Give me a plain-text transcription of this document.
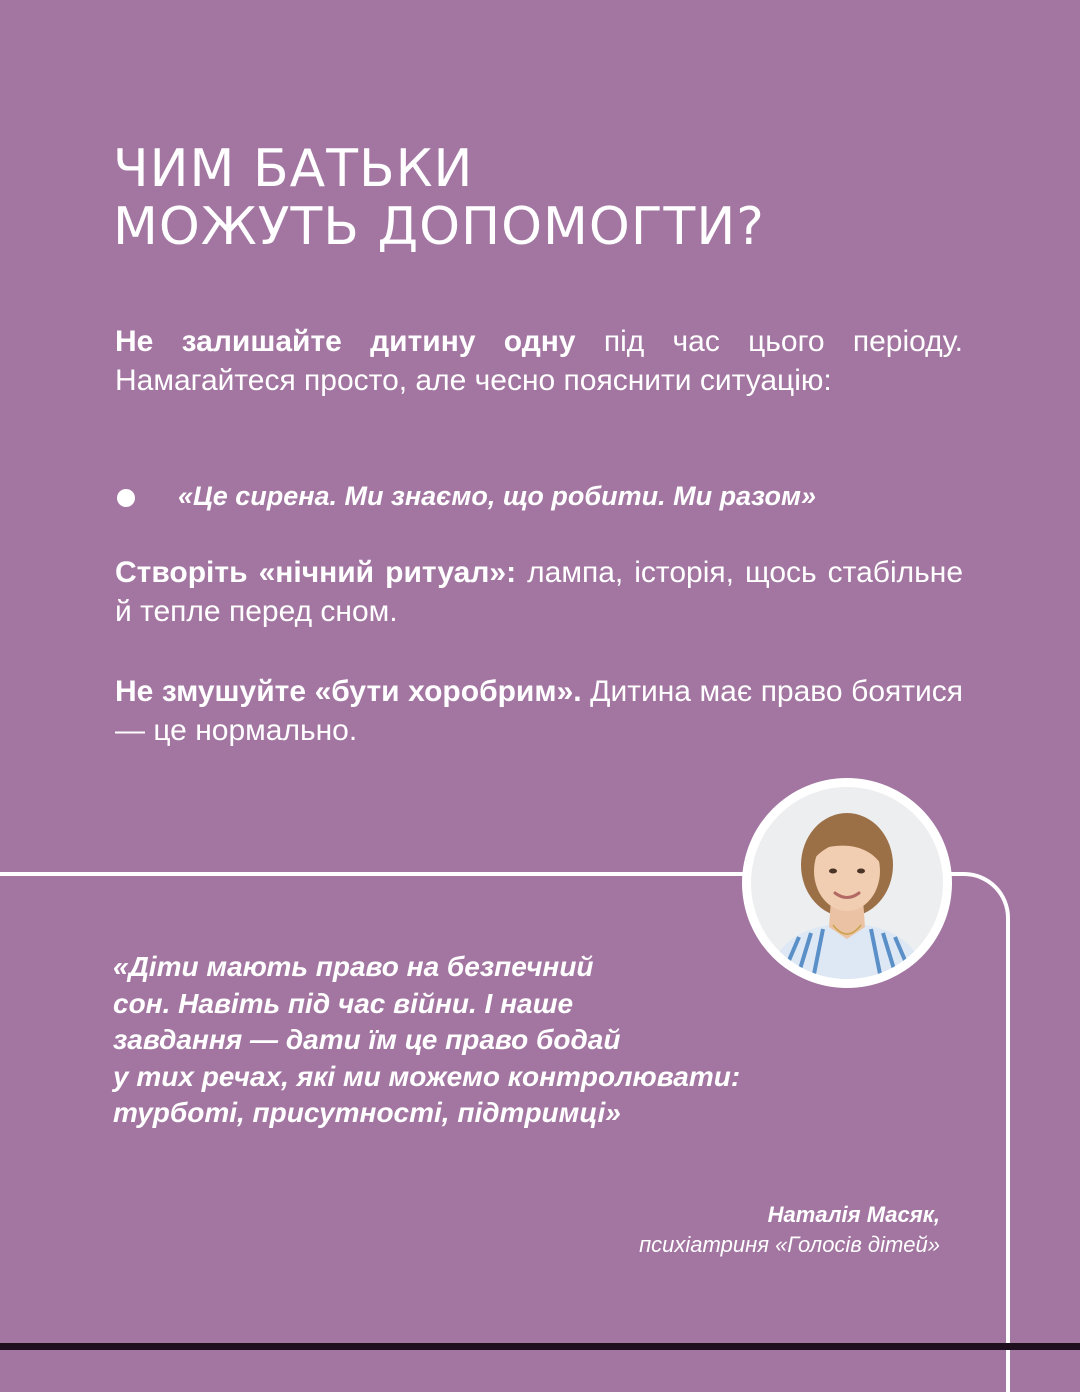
ЧИМ БАТЬКИ
МОЖУТЬ ДОПОМОГТИ?

Не залишайте дитину одну під час цього періоду. Намагайтеся просто, але чесно пояснити ситуацію:

«Це сирена. Ми знаємо, що робити. Ми разом»

Створіть «нічний ритуал»: лампа, історія, щось стабільне й тепле перед сном.

Не змушуйте «бути хоробрим». Дитина має право боятися — це нормально.

«Діти мають право на безпечний
сон. Навіть під час війни. І наше
завдання — дати їм це право бодай
у тих речах, які ми можемо контролювати:
турботі, присутності, підтримці»
Наталія Масяк,
психіатриня «Голосів дітей»
